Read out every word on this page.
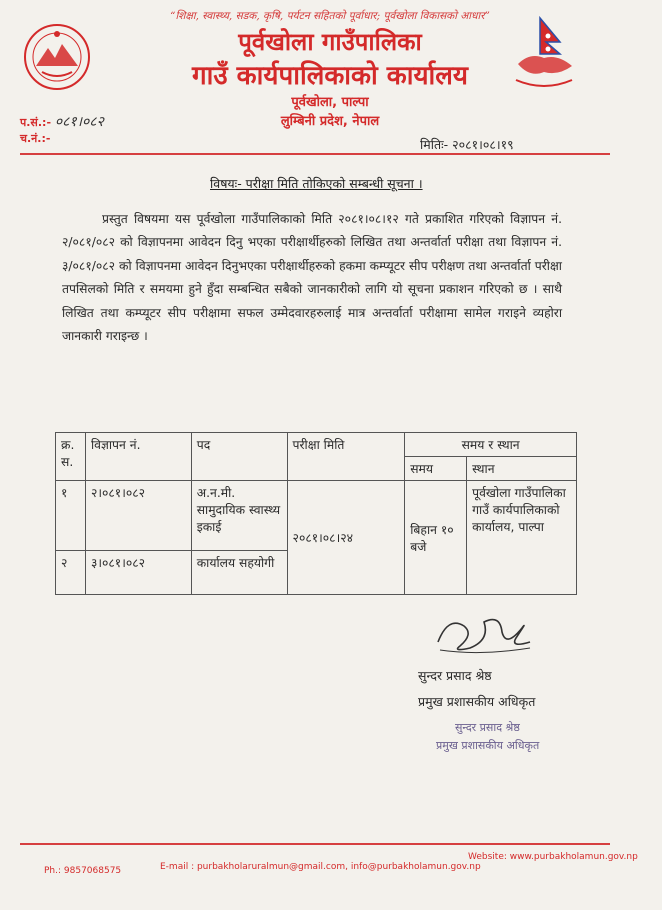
“शिक्षा, स्वास्थ्य, सडक, कृषि, पर्यटन सहितको पूर्वाधार; पूर्वखोला विकासको आधार”
पूर्वखोला गाउँपालिका
गाउँ कार्यपालिकाको कार्यालय
पूर्वखोला, पाल्पा
लुम्बिनी प्रदेश, नेपाल
प.सं.:- ०८१।०८२
च.नं.:-	मितिः- २०८१।०८।१९
विषयः- परीक्षा मिति तोकिएको सम्बन्धी सूचना ।
प्रस्तुत विषयमा यस पूर्वखोला गाउँपालिकाको मिति २०८१।०८।१२ गते प्रकाशित गरिएको विज्ञापन नं. २/०८१/०८२ को विज्ञापनमा आवेदन दिनु भएका परीक्षार्थीहरुको लिखित तथा अन्तर्वार्ता परीक्षा तथा विज्ञापन नं. ३/०८१/०८२ को विज्ञापनमा आवेदन दिनुभएका परीक्षार्थीहरुको हकमा कम्प्यूटर सीप परीक्षण तथा अन्तर्वार्ता परीक्षा तपसिलको मिति र समयमा हुने हुँदा सम्बन्धित सबैको जानकारीको लागि यो सूचना प्रकाशन गरिएको छ । साथै लिखित तथा कम्प्यूटर सीप परीक्षामा सफल उम्मेदवारहरुलाई मात्र अन्तर्वार्ता परीक्षामा सामेल गराइने व्यहोरा जानकारी गराइन्छ ।
क्र.
स.	विज्ञापन नं.	पद	परीक्षा मिति	समय र स्थान	
				समय	स्थान
१	२।०८१।०८२	अ.न.मी. सामुदायिक स्वास्थ्य इकाई	२०८१।०८।२४	बिहान १० बजे	पूर्वखोला गाउँपालिका गाउँ कार्यपालिकाको कार्यालय, पाल्पा
२	३।०८१।०८२	कार्यालय सहयोगी			
सुन्दर प्रसाद श्रेष्ठ
प्रमुख प्रशासकीय अधिकृत
सुन्दर प्रसाद श्रेष्ठ
प्रमुख प्रशासकीय अधिकृत
Website: www.purbakholamun.gov.np
Ph.: 9857068575	E-mail : purbakholaruralmun@gmail.com, info@purbakholamun.gov.np
